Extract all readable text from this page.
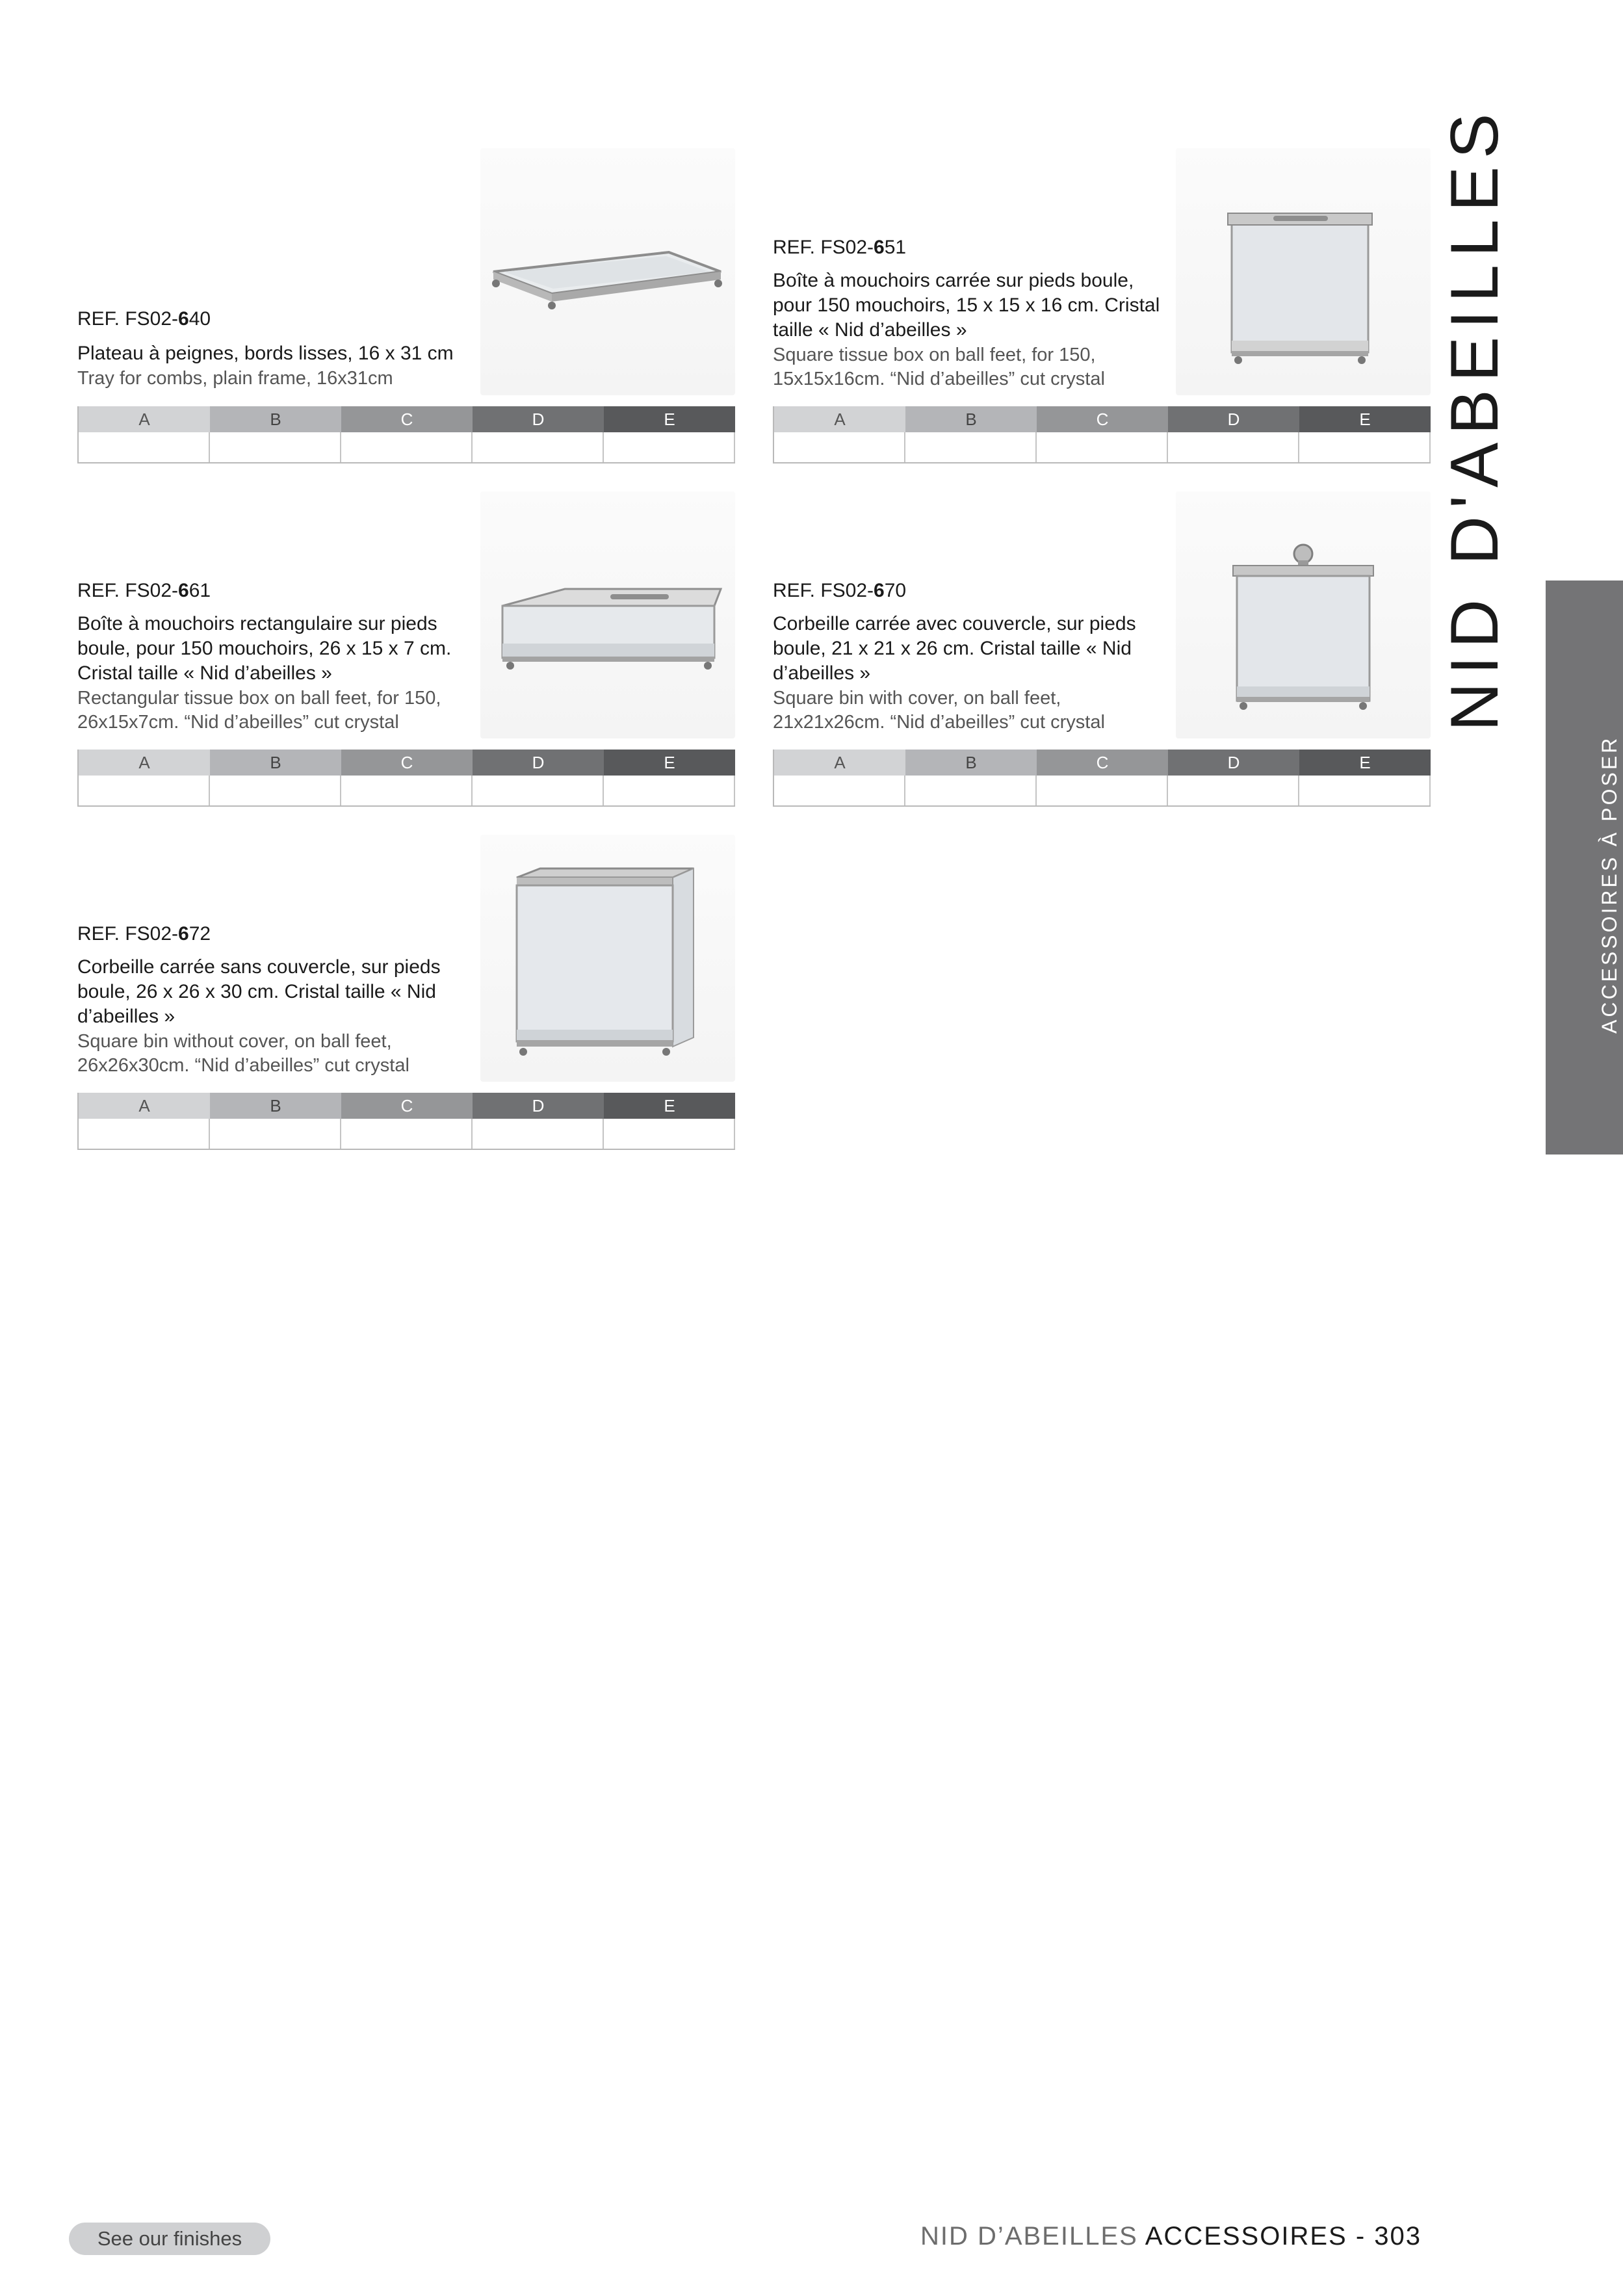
REF. FS02-640
Plateau à peignes, bords lisses, 16 x 31 cm
Tray for combs, plain frame, 16x31cm
A	B	C	D	E
REF. FS02-651
Boîte à mouchoirs carrée sur pieds boule, pour 150 mouchoirs, 15 x 15 x 16 cm. Cristal taille « Nid d’abeilles »
Square tissue box on ball feet, for 150, 15x15x16cm. “Nid d’abeilles” cut crystal
A	B	C	D	E
REF. FS02-661
Boîte à mouchoirs rectangulaire sur pieds boule, pour 150 mouchoirs, 26 x 15 x 7 cm. Cristal taille « Nid d’abeilles »
Rectangular tissue box on ball feet, for 150, 26x15x7cm. “Nid d’abeilles” cut crystal
A	B	C	D	E
REF. FS02-670
Corbeille carrée avec couvercle, sur pieds boule, 21 x 21 x 26 cm. Cristal taille « Nid d’abeilles »
Square bin with cover, on ball feet, 21x21x26cm. “Nid d’abeilles” cut crystal
A	B	C	D	E
REF. FS02-672
Corbeille carrée sans couvercle, sur pieds boule, 26 x 26 x 30 cm. Cristal taille « Nid d’abeilles »
Square bin without cover, on ball feet, 26x26x30cm. “Nid d’abeilles” cut crystal
A	B	C	D	E
NID D'ABEILLES
ACCESSOIRES À POSER
See our finishes	NID D’ABEILLES ACCESSOIRES - 303
